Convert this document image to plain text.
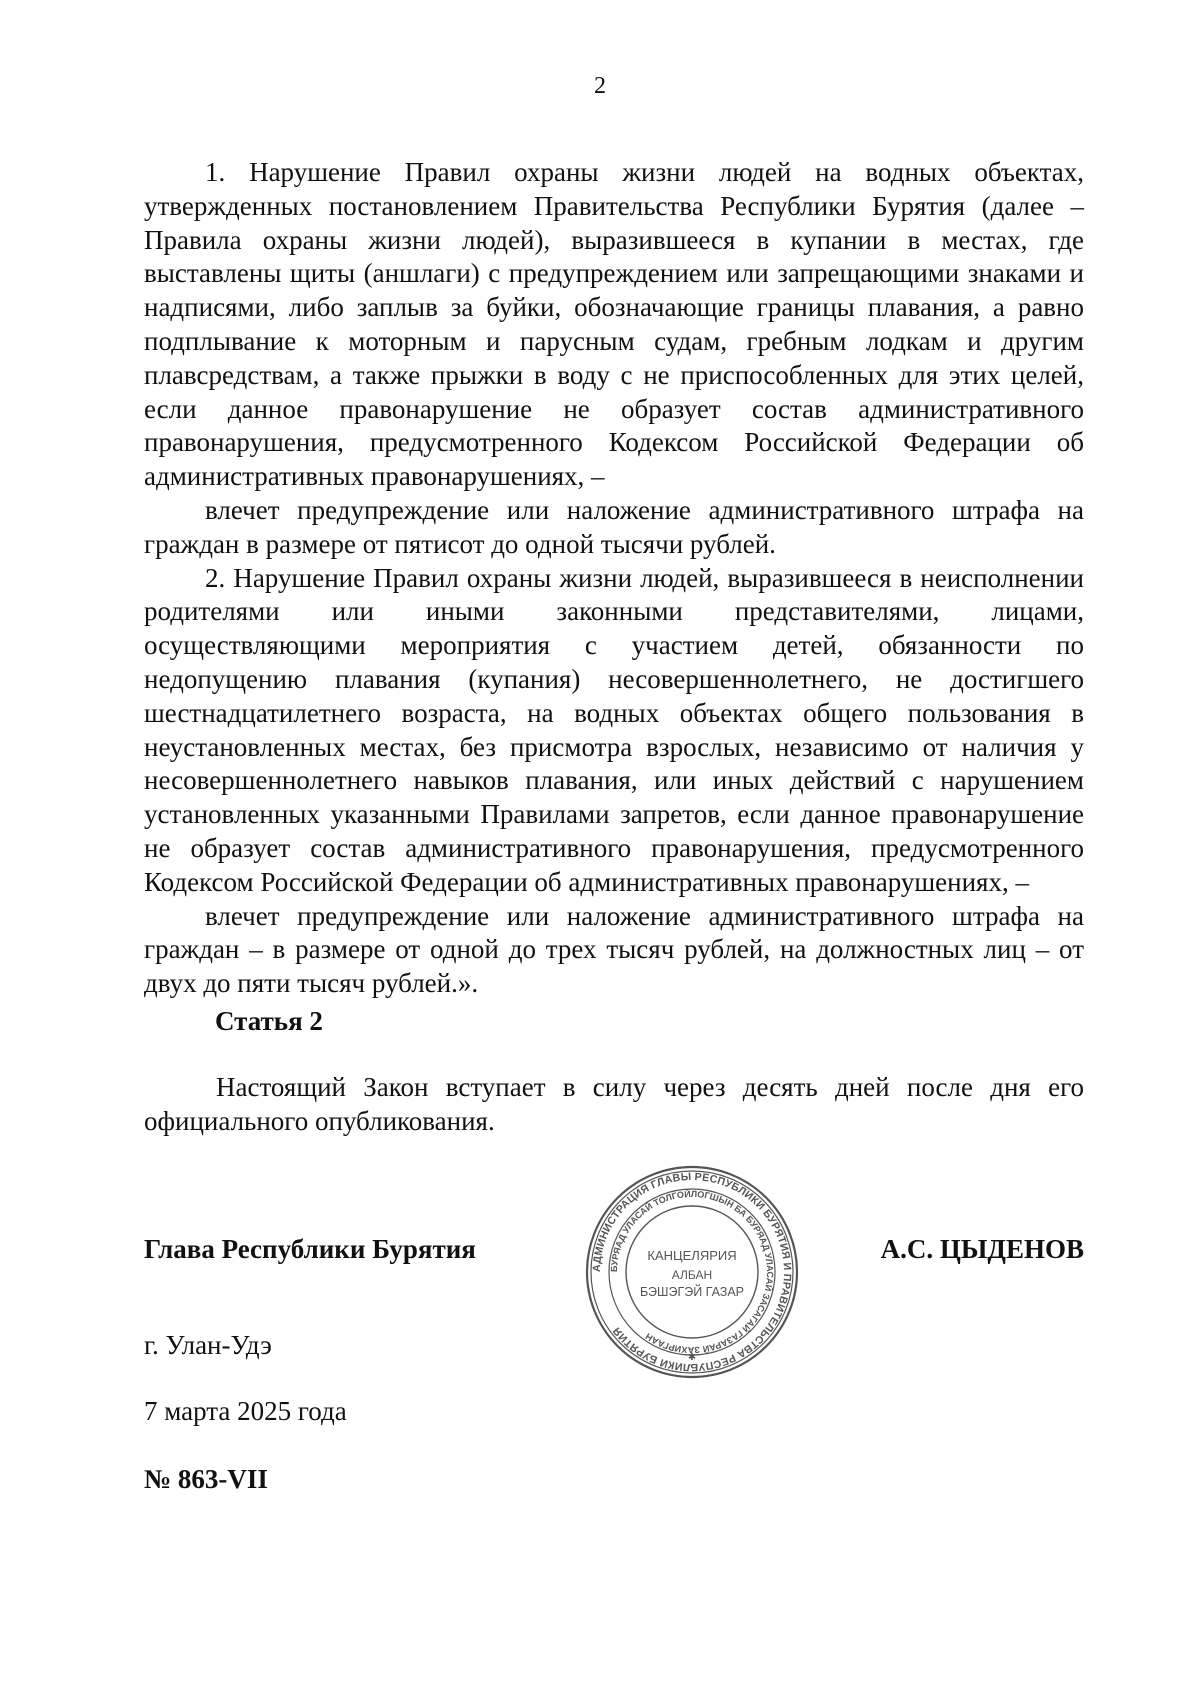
2

1. Нарушение Правил охраны жизни людей на водных объектах, утвержденных постановлением Правительства Республики Бурятия (далее – Правила охраны жизни людей), выразившееся в купании в местах, где выставлены щиты (аншлаги) с предупреждением или запрещающими знаками и надписями, либо заплыв за буйки, обозначающие границы плавания, а равно подплывание к моторным и парусным судам, гребным лодкам и другим плавсредствам, а также прыжки в воду с не приспособленных для этих целей, если данное правонарушение не образует состав административного правонарушения, предусмотренного Кодексом Российской Федерации об административных правонарушениях, –

влечет предупреждение или наложение административного штрафа на граждан в размере от пятисот до одной тысячи рублей.

2. Нарушение Правил охраны жизни людей, выразившееся в неисполнении родителями или иными законными представителями, лицами, осуществляющими мероприятия с участием детей, обязанности по недопущению плавания (купания) несовершеннолетнего, не достигшего шестнадцатилетнего возраста, на водных объектах общего пользования в неустановленных местах, без присмотра взрослых, независимо от наличия у несовершеннолетнего навыков плавания, или иных действий с нарушением установленных указанными Правилами запретов, если данное правонарушение не образует состав административного правонарушения, предусмотренного Кодексом Российской Федерации об административных правонарушениях, –

влечет предупреждение или наложение административного штрафа на граждан – в размере от одной до трех тысяч рублей, на должностных лиц – от двух до пяти тысяч рублей.».

Статья 2

Настоящий Закон вступает в силу через десять дней после дня его официального опубликования.

Глава Республики Бурятия
АДМИНИСТРАЦИЯ ГЛАВЫ РЕСПУБЛИКИ БУРЯТИЯ И ПРАВИТЕЛЬСТВА РЕСПУБЛИКИ БУРЯТИЯ
БУРЯАД УЛАСАЙ ТОЛГОЙЛОГШЫН БА БУРЯАД УЛАСАЙ ЗАСАГАЙ ГАЗАРАЙ ЗАХИРГААН
КАНЦЕЛЯРИЯ
АЛБАН
БЭШЭГЭЙ ГАЗАР
✱
А.С. ЦЫДЕНОВ
г. Улан-Удэ
7 марта 2025 года
№ 863-VII
